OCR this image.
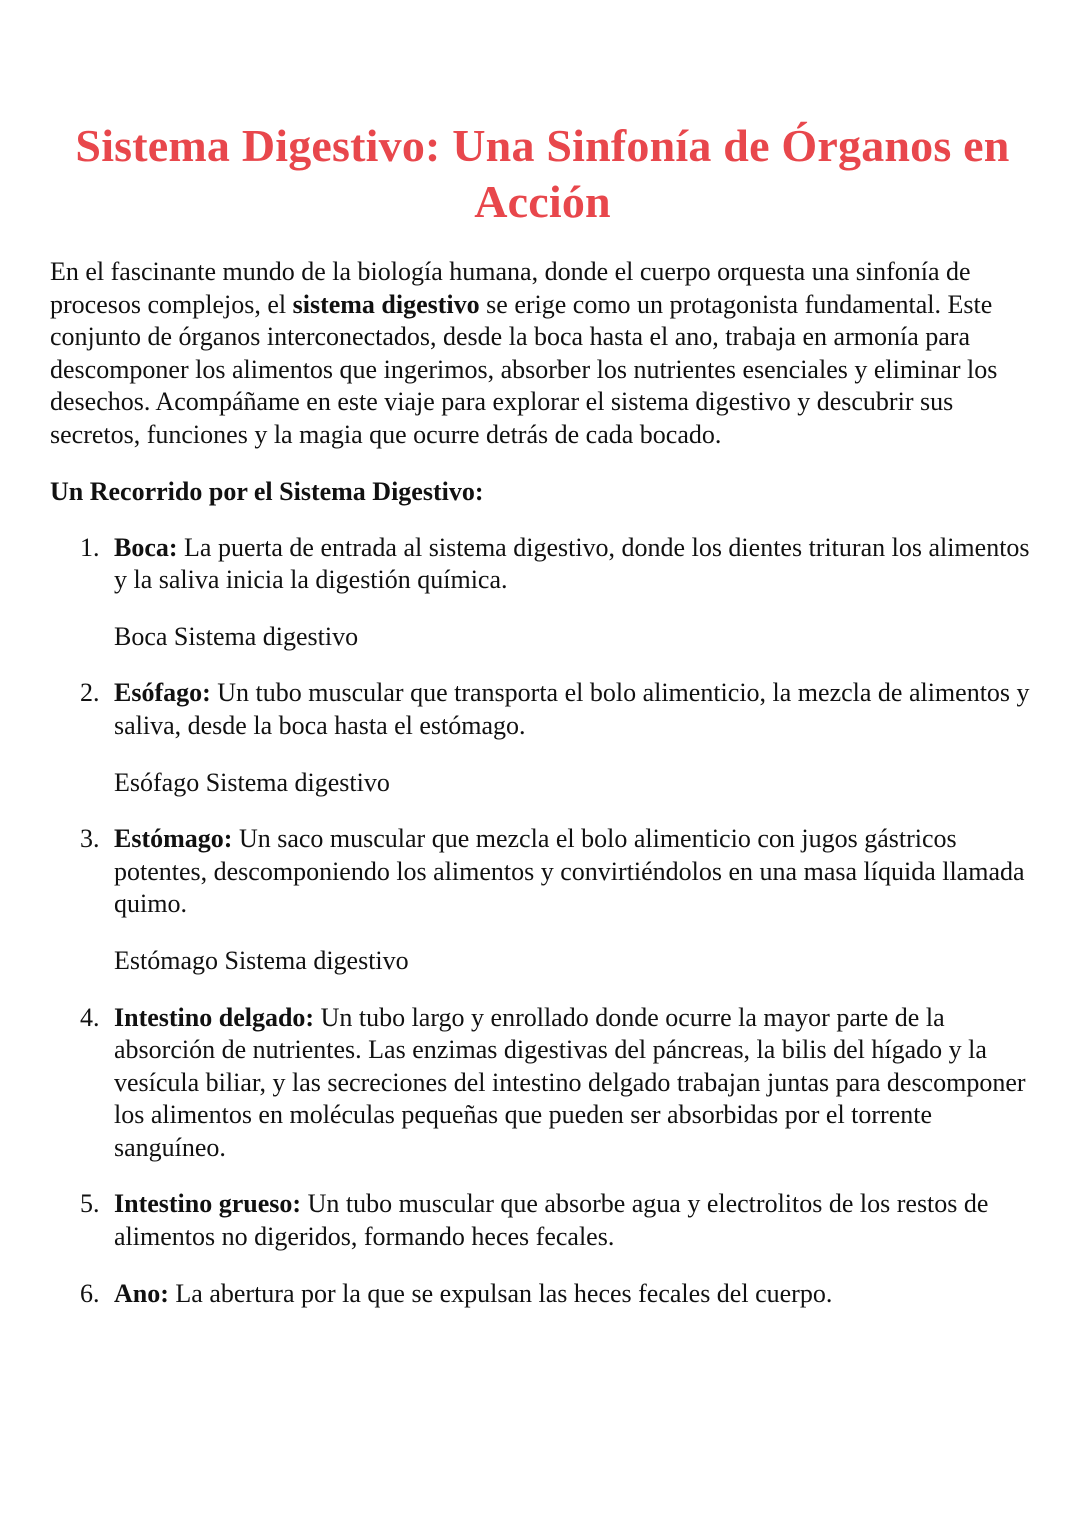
Sistema Digestivo: Una Sinfonía de Órganos en Acción

En el fascinante mundo de la biología humana, donde el cuerpo orquesta una sinfonía de procesos complejos, el sistema digestivo se erige como un protagonista fundamental. Este conjunto de órganos interconectados, desde la boca hasta el ano, trabaja en armonía para descomponer los alimentos que ingerimos, absorber los nutrientes esenciales y eliminar los desechos. Acompáñame en este viaje para explorar el sistema digestivo y descubrir sus secretos, funciones y la magia que ocurre detrás de cada bocado.

Un Recorrido por el Sistema Digestivo:

1. Boca: La puerta de entrada al sistema digestivo, donde los dientes trituran los alimentos y la saliva inicia la digestión química.
Boca Sistema digestivo
2. Esófago: Un tubo muscular que transporta el bolo alimenticio, la mezcla de alimentos y saliva, desde la boca hasta el estómago.
Esófago Sistema digestivo
3. Estómago: Un saco muscular que mezcla el bolo alimenticio con jugos gástricos potentes, descomponiendo los alimentos y convirtiéndolos en una masa líquida llamada quimo.
Estómago Sistema digestivo
4. Intestino delgado: Un tubo largo y enrollado donde ocurre la mayor parte de la absorción de nutrientes. Las enzimas digestivas del páncreas, la bilis del hígado y la vesícula biliar, y las secreciones del intestino delgado trabajan juntas para descomponer los alimentos en moléculas pequeñas que pueden ser absorbidas por el torrente sanguíneo.
5. Intestino grueso: Un tubo muscular que absorbe agua y electrolitos de los restos de alimentos no digeridos, formando heces fecales.
6. Ano: La abertura por la que se expulsan las heces fecales del cuerpo.
